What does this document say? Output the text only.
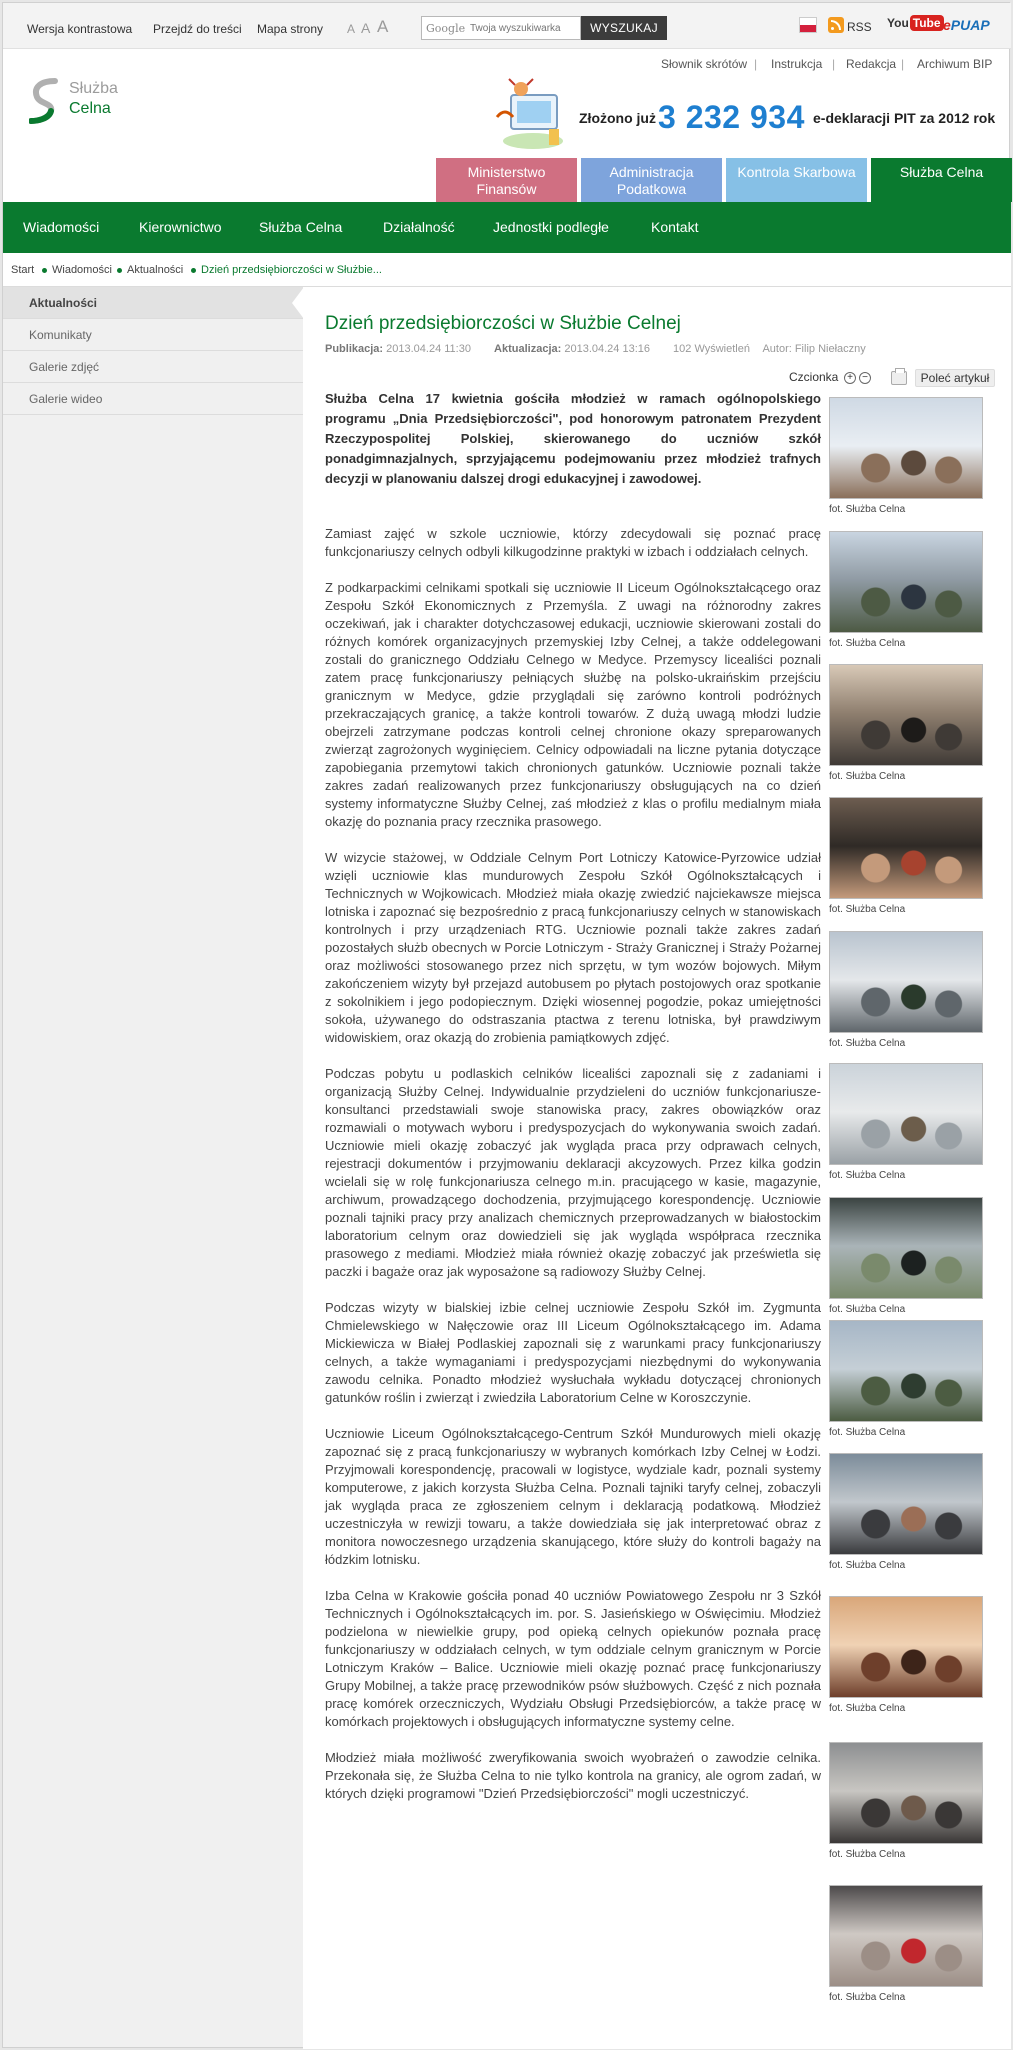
Wersja kontrastowa Przejdź do treści Mapa strony A A A	Google
Twoja wyszukiwarka	WYSZUKAJ	RSS You Tube ePUAP
Słownik skrótów | Instrukcja | Redakcja | Archiwum BIP
Służba
Celna
Złożono już 3 232 934 e-deklaracji PIT za 2012 rok
Ministerstwo Finansów
Administracja Podatkowa
Kontrola Skarbowa	Służba Celna
Wiadomości	Kierownictwo	Służba Celna	Działalność	Jednostki podległe	Kontakt
Start Wiadomości Aktualności Dzień przedsiębiorczości w Służbie...
Aktualności
Komunikaty
Galerie zdjęć
Galerie wideo
Dzień przedsiębiorczości w Służbie Celnej
Publikacja: 2013.04.24 11:30 Aktualizacja: 2013.04.24 13:16 102 Wyświetleń Autor: Filip Niełaczny
Czcionka + −	Poleć artykuł

Służba Celna 17 kwietnia gościła młodzież w ramach ogólnopolskiego programu „Dnia Przedsiębiorczości", pod honorowym patronatem Prezydent Rzeczypospolitej Polskiej, skierowanego do uczniów szkół ponadgimnazjalnych, sprzyjającemu podejmowaniu przez młodzież trafnych decyzji w planowaniu dalszej drogi edukacyjnej i zawodowej.

Zamiast zajęć w szkole uczniowie, którzy zdecydowali się poznać pracę funkcjonariuszy celnych odbyli kilkugodzinne praktyki w izbach i oddziałach celnych.

Z podkarpackimi celnikami spotkali się uczniowie II Liceum Ogólnokształcącego oraz Zespołu Szkół Ekonomicznych z Przemyśla. Z uwagi na różnorodny zakres oczekiwań, jak i charakter dotychczasowej edukacji, uczniowie skierowani zostali do różnych komórek organizacyjnych przemyskiej Izby Celnej, a także oddelegowani zostali do granicznego Oddziału Celnego w Medyce. Przemyscy licealiści poznali zatem pracę funkcjonariuszy pełniących służbę na polsko-ukraińskim przejściu granicznym w Medyce, gdzie przyglądali się zarówno kontroli podróżnych przekraczających granicę, a także kontroli towarów. Z dużą uwagą młodzi ludzie obejrzeli zatrzymane podczas kontroli celnej chronione okazy spreparowanych zwierząt zagrożonych wyginięciem. Celnicy odpowiadali na liczne pytania dotyczące zapobiegania przemytowi takich chronionych gatunków. Uczniowie poznali także zakres zadań realizowanych przez funkcjonariuszy obsługujących na co dzień systemy informatyczne Służby Celnej, zaś młodzież z klas o profilu medialnym miała okazję do poznania pracy rzecznika prasowego.

W wizycie stażowej, w Oddziale Celnym Port Lotniczy Katowice-Pyrzowice udział wzięli uczniowie klas mundurowych Zespołu Szkół Ogólnokształcących i Technicznych w Wojkowicach. Młodzież miała okazję zwiedzić najciekawsze miejsca lotniska i zapoznać się bezpośrednio z pracą funkcjonariuszy celnych w stanowiskach kontrolnych i przy urządzeniach RTG. Uczniowie poznali także zakres zadań pozostałych służb obecnych w Porcie Lotniczym - Straży Granicznej i Straży Pożarnej oraz możliwości stosowanego przez nich sprzętu, w tym wozów bojowych. Miłym zakończeniem wizyty był przejazd autobusem po płytach postojowych oraz spotkanie z sokolnikiem i jego podopiecznym. Dzięki wiosennej pogodzie, pokaz umiejętności sokoła, używanego do odstraszania ptactwa z terenu lotniska, był prawdziwym widowiskiem, oraz okazją do zrobienia pamiątkowych zdjęć.

Podczas pobytu u podlaskich celników licealiści zapoznali się z zadaniami i organizacją Służby Celnej. Indywidualnie przydzieleni do uczniów funkcjonariusze-konsultanci przedstawiali swoje stanowiska pracy, zakres obowiązków oraz rozmawiali o motywach wyboru i predyspozycjach do wykonywania swoich zadań. Uczniowie mieli okazję zobaczyć jak wygląda praca przy odprawach celnych, rejestracji dokumentów i przyjmowaniu deklaracji akcyzowych. Przez kilka godzin wcielali się w rolę funkcjonariusza celnego m.in. pracującego w kasie, magazynie, archiwum, prowadzącego dochodzenia, przyjmującego korespondencję. Uczniowie poznali tajniki pracy przy analizach chemicznych przeprowadzanych w białostockim laboratorium celnym oraz dowiedzieli się jak wygląda współpraca rzecznika prasowego z mediami. Młodzież miała również okazję zobaczyć jak prześwietla się paczki i bagaże oraz jak wyposażone są radiowozy Służby Celnej.

Podczas wizyty w bialskiej izbie celnej uczniowie Zespołu Szkół im. Zygmunta Chmielewskiego w Nałęczowie oraz III Liceum Ogólnokształcącego im. Adama Mickiewicza w Białej Podlaskiej zapoznali się z warunkami pracy funkcjonariuszy celnych, a także wymaganiami i predyspozycjami niezbędnymi do wykonywania zawodu celnika. Ponadto młodzież wysłuchała wykładu dotyczącej chronionych gatunków roślin i zwierząt i zwiedziła Laboratorium Celne w Koroszczynie.

Uczniowie Liceum Ogólnokształcącego-Centrum Szkół Mundurowych mieli okazję zapoznać się z pracą funkcjonariuszy w wybranych komórkach Izby Celnej w Łodzi. Przyjmowali korespondencję, pracowali w logistyce, wydziale kadr, poznali systemy komputerowe, z jakich korzysta Służba Celna. Poznali tajniki taryfy celnej, zobaczyli jak wygląda praca ze zgłoszeniem celnym i deklaracją podatkową. Młodzież uczestniczyła w rewizji towaru, a także dowiedziała się jak interpretować obraz z monitora nowoczesnego urządzenia skanującego, które służy do kontroli bagaży na łódzkim lotnisku.

Izba Celna w Krakowie gościła ponad 40 uczniów Powiatowego Zespołu nr 3 Szkół Technicznych i Ogólnokształcących im. por. S. Jasieńskiego w Oświęcimiu. Młodzież podzielona w niewielkie grupy, pod opieką celnych opiekunów poznała pracę funkcjonariuszy w oddziałach celnych, w tym oddziale celnym granicznym w Porcie Lotniczym Kraków – Balice. Uczniowie mieli okazję poznać pracę funkcjonariuszy Grupy Mobilnej, a także pracę przewodników psów służbowych. Część z nich poznała pracę komórek orzeczniczych, Wydziału Obsługi Przedsiębiorców, a także pracę w komórkach projektowych i obsługujących informatyczne systemy celne.

Młodzież miała możliwość zweryfikowania swoich wyobrażeń o zawodzie celnika. Przekonała się, że Służba Celna to nie tylko kontrola na granicy, ale ogrom zadań, w których dzięki programowi "Dzień Przedsiębiorczości" mogli uczestniczyć.

fot. Służba Celna
fot. Służba Celna
fot. Służba Celna
fot. Służba Celna
fot. Służba Celna
fot. Służba Celna
fot. Służba Celna
fot. Służba Celna
fot. Służba Celna
fot. Służba Celna
fot. Służba Celna
fot. Służba Celna
